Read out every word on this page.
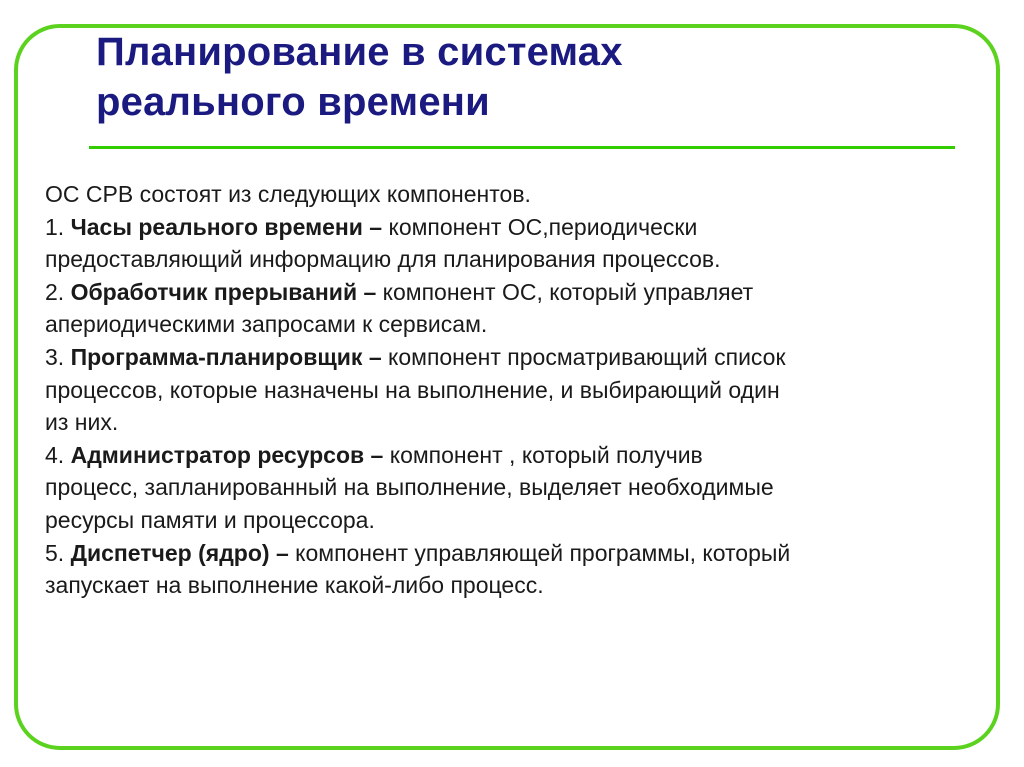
Планирование в системах
реального времени
ОС СРВ состоят из следующих компонентов.
1. Часы реального времени – компонент ОС,периодически
предоставляющий информацию для планирования процессов.
2. Обработчик прерываний – компонент ОС, который управляет
апериодическими запросами к сервисам.
3. Программа-планировщик – компонент просматривающий список
процессов, которые назначены на выполнение, и выбирающий один
из них.
4. Администратор ресурсов – компонент , который получив
процесс, запланированный на выполнение, выделяет необходимые
ресурсы памяти и процессора.
5. Диспетчер (ядро) – компонент управляющей программы, который
запускает на выполнение какой-либо процесс.
